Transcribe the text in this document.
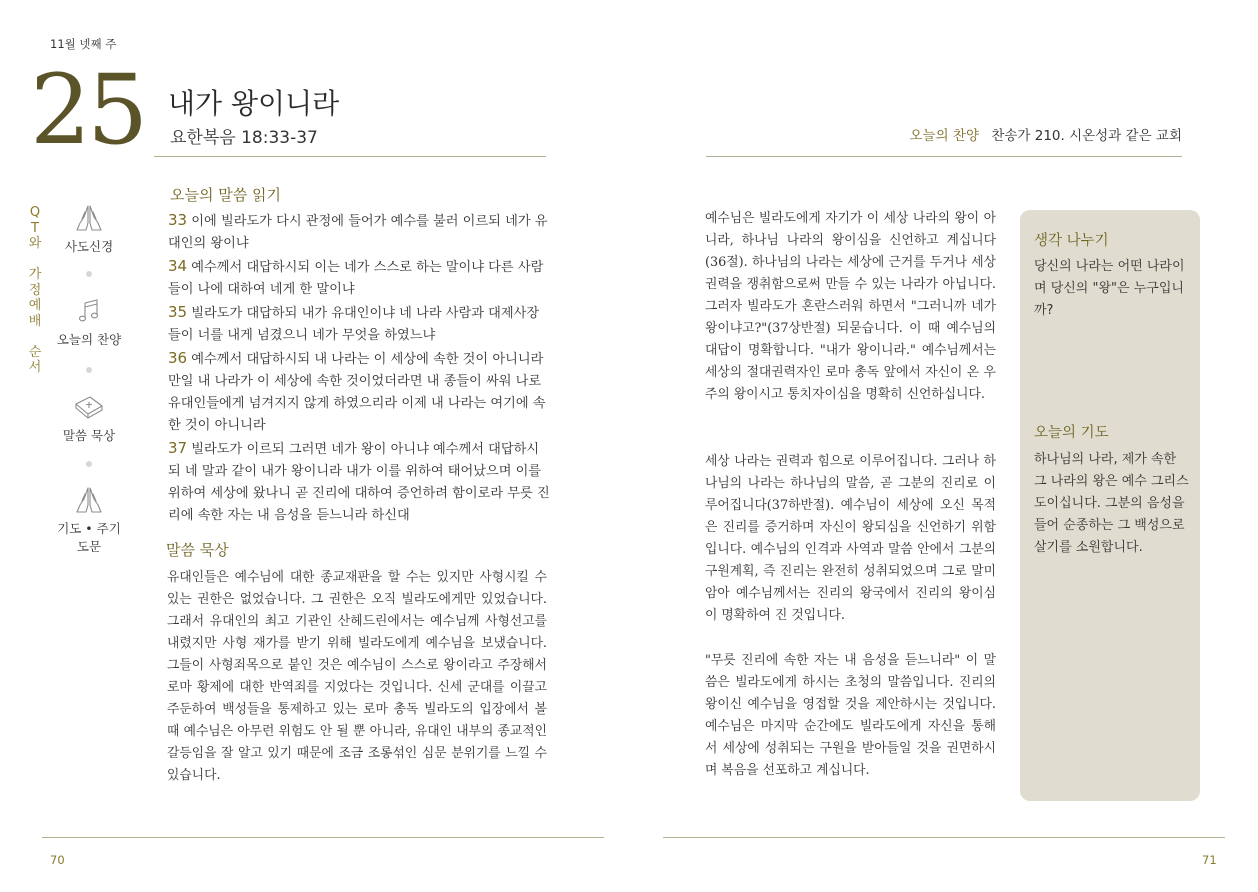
11월 넷째 주
25 내가 왕이니라
요한복음 18:33-37
Q
T
와

가
정
예
배

순
서
사도신경
오늘의 찬양
말씀 묵상
기도 • 주기도문
오늘의 말씀 읽기
33 이에 빌라도가 다시 관정에 들어가 예수를 불러 이르되 네가 유대인의 왕이냐
34 예수께서 대답하시되 이는 네가 스스로 하는 말이냐 다른 사람들이 나에 대하여 네게 한 말이냐
35 빌라도가 대답하되 내가 유대인이냐 네 나라 사람과 대제사장들이 너를 내게 넘겼으니 네가 무엇을 하였느냐
36 예수께서 대답하시되 내 나라는 이 세상에 속한 것이 아니니라 만일 내 나라가 이 세상에 속한 것이었더라면 내 종들이 싸워 나로 유대인들에게 넘겨지지 않게 하였으리라 이제 내 나라는 여기에 속한 것이 아니니라
37 빌라도가 이르되 그러면 네가 왕이 아니냐 예수께서 대답하시되 네 말과 같이 내가 왕이니라 내가 이를 위하여 태어났으며 이를 위하여 세상에 왔나니 곧 진리에 대하여 증언하려 함이로라 무릇 진리에 속한 자는 내 음성을 듣느니라 하신대
말씀 묵상
유대인들은 예수님에 대한 종교재판을 할 수는 있지만 사형시킬 수 있는 권한은 없었습니다. 그 권한은 오직 빌라도에게만 있었습니다. 그래서 유대인의 최고 기관인 산헤드린에서는 예수님께 사형선고를 내렸지만 사형 재가를 받기 위해 빌라도에게 예수님을 보냈습니다. 그들이 사형죄목으로 붙인 것은 예수님이 스스로 왕이라고 주장해서 로마 황제에 대한 반역죄를 지었다는 것입니다. 신세 군대를 이끌고 주둔하여 백성들을 통제하고 있는 로마 총독 빌라도의 입장에서 볼 때 예수님은 아무런 위험도 안 될 뿐 아니라, 유대인 내부의 종교적인 갈등임을 잘 알고 있기 때문에 조금 조롱섞인 심문 분위기를 느낄 수 있습니다.
70
오늘의 찬양 찬송가 210. 시온성과 같은 교회
예수님은 빌라도에게 자기가 이 세상 나라의 왕이 아니라, 하나님 나라의 왕이심을 신언하고 계십니다(36절). 하나님의 나라는 세상에 근거를 두거나 세상 권력을 쟁취함으로써 만들 수 있는 나라가 아닙니다. 그러자 빌라도가 혼란스러워 하면서 "그러니까 네가 왕이냐고?"(37상반절) 되묻습니다. 이 때 예수님의 대답이 명확합니다. "내가 왕이니라." 예수님께서는 세상의 절대권력자인 로마 총독 앞에서 자신이 온 우주의 왕이시고 통치자이심을 명확히 신언하십니다.
세상 나라는 권력과 힘으로 이루어집니다. 그러나 하나님의 나라는 하나님의 말씀, 곧 그분의 진리로 이루어집니다(37하반절). 예수님이 세상에 오신 목적은 진리를 증거하며 자신이 왕되심을 신언하기 위함입니다. 예수님의 인격과 사역과 말씀 안에서 그분의 구원계획, 즉 진리는 완전히 성취되었으며 그로 말미암아 예수님께서는 진리의 왕국에서 진리의 왕이심이 명확하여 진 것입니다.
"무릇 진리에 속한 자는 내 음성을 듣느니라" 이 말씀은 빌라도에게 하시는 초청의 말씀입니다. 진리의 왕이신 예수님을 영접할 것을 제안하시는 것입니다. 예수님은 마지막 순간에도 빌라도에게 자신을 통해서 세상에 성취되는 구원을 받아들일 것을 권면하시며 복음을 선포하고 계십니다.
생각 나누기
당신의 나라는 어떤 나라이며 당신의 "왕"은 누구입니까?
오늘의 기도
하나님의 나라, 제가 속한 그 나라의 왕은 예수 그리스도이십니다. 그분의 음성을 들어 순종하는 그 백성으로 살기를 소원합니다.
71
